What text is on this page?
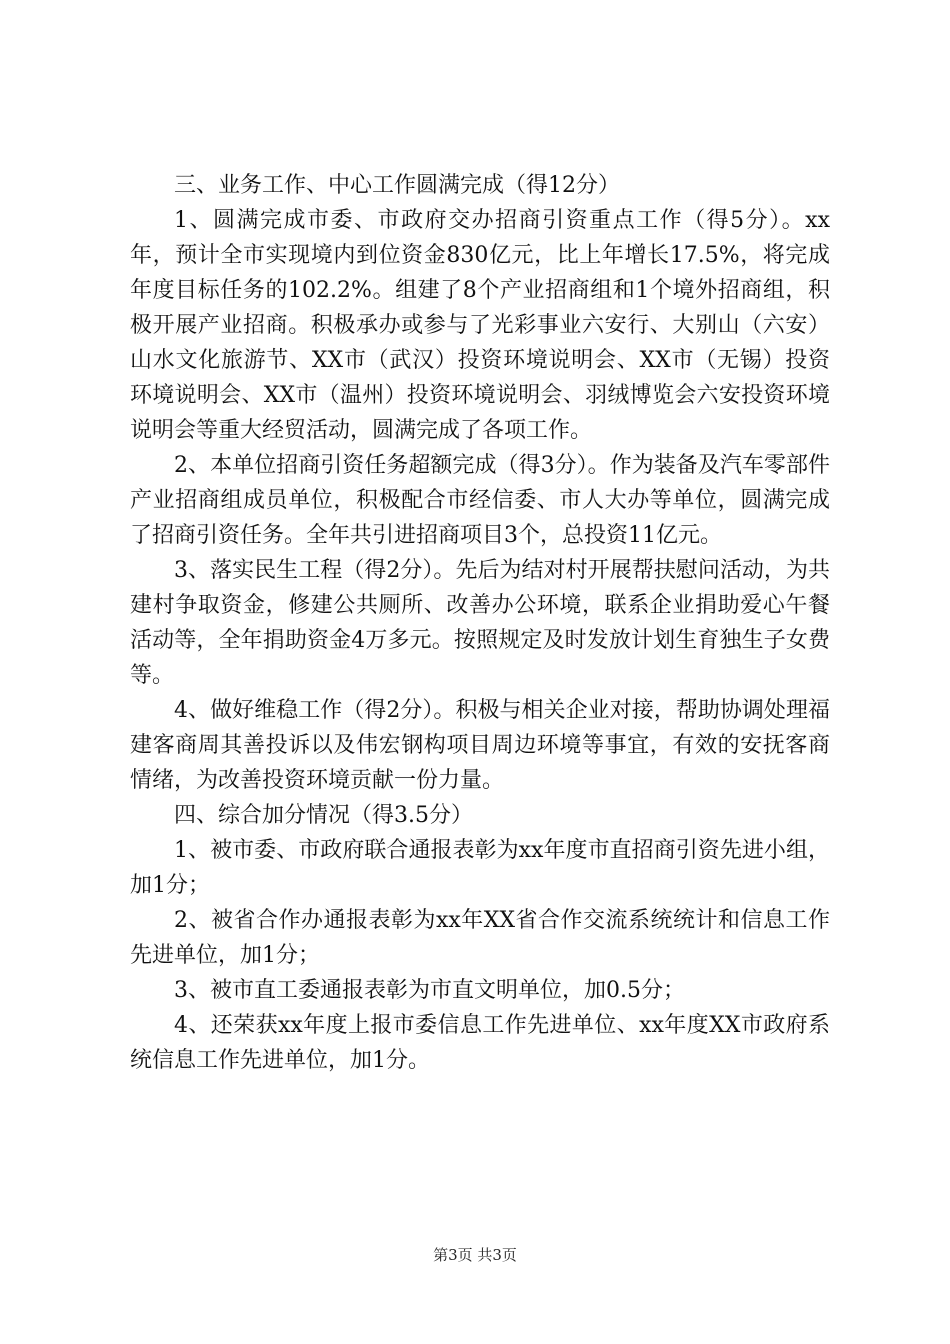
三、业务工作、中心工作圆满完成（得12分）

1、圆满完成市委、市政府交办招商引资重点工作（得5分）。xx年，预计全市实现境内到位资金830亿元，比上年增长17.5%，将完成年度目标任务的102.2%。组建了8个产业招商组和1个境外招商组，积极开展产业招商。积极承办或参与了光彩事业六安行、大别山（六安）山水文化旅游节、XX市（武汉）投资环境说明会、XX市（无锡）投资环境说明会、XX市（温州）投资环境说明会、羽绒博览会六安投资环境说明会等重大经贸活动，圆满完成了各项工作。

2、本单位招商引资任务超额完成（得3分）。作为装备及汽车零部件产业招商组成员单位，积极配合市经信委、市人大办等单位，圆满完成了招商引资任务。全年共引进招商项目3个，总投资11亿元。

3、落实民生工程（得2分）。先后为结对村开展帮扶慰问活动，为共建村争取资金，修建公共厕所、改善办公环境，联系企业捐助爱心午餐活动等，全年捐助资金4万多元。按照规定及时发放计划生育独生子女费等。

4、做好维稳工作（得2分）。积极与相关企业对接，帮助协调处理福建客商周其善投诉以及伟宏钢构项目周边环境等事宜，有效的安抚客商情绪，为改善投资环境贡献一份力量。

四、综合加分情况（得3.5分）

1、被市委、市政府联合通报表彰为xx年度市直招商引资先进小组，加1分；

2、被省合作办通报表彰为xx年XX省合作交流系统统计和信息工作先进单位，加1分；

3、被市直工委通报表彰为市直文明单位，加0.5分；

4、还荣获xx年度上报市委信息工作先进单位、xx年度XX市政府系统信息工作先进单位，加1分。

第3页 共3页
